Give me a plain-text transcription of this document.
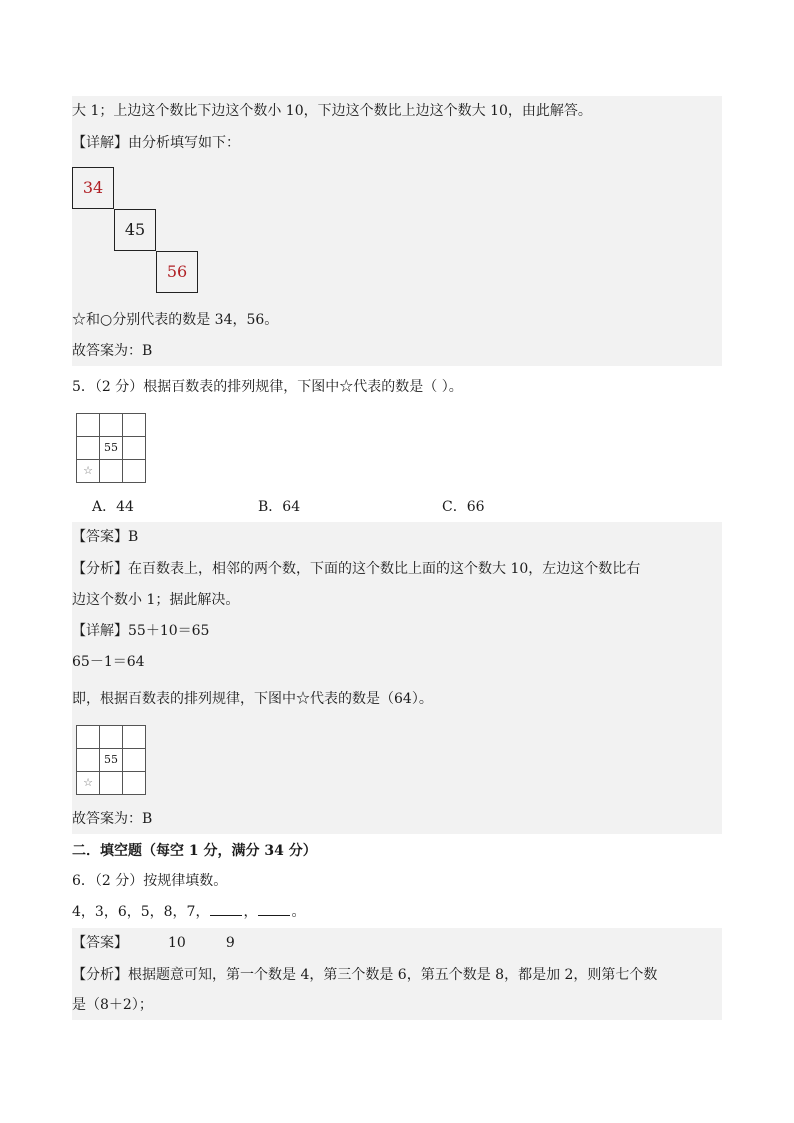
大 1；上边这个数比下边这个数小 10，下边这个数比上边这个数大 10，由此解答。
【详解】由分析填写如下：
34
45
56
☆和○分别代表的数是 34，56。
故答案为：B
5．（2 分）根据百数表的排列规律，下图中☆代表的数是（ ）。

	55	
☆		
A．44	B．64	C．66
【答案】B
【分析】在百数表上，相邻的两个数，下面的这个数比上面的这个数大 10，左边这个数比右
边这个数小 1；据此解决。
【详解】55＋10＝65
65－1＝64
即，根据百数表的排列规律，下图中☆代表的数是（64）。

	55	
☆		
故答案为：B
二．填空题（每空 1 分，满分 34 分）
6．（2 分）按规律填数。
4，3，6，5，8，7， ， 。
【答案】	10	9
【分析】根据题意可知，第一个数是 4，第三个数是 6，第五个数是 8，都是加 2，则第七个数
是（8＋2）；
